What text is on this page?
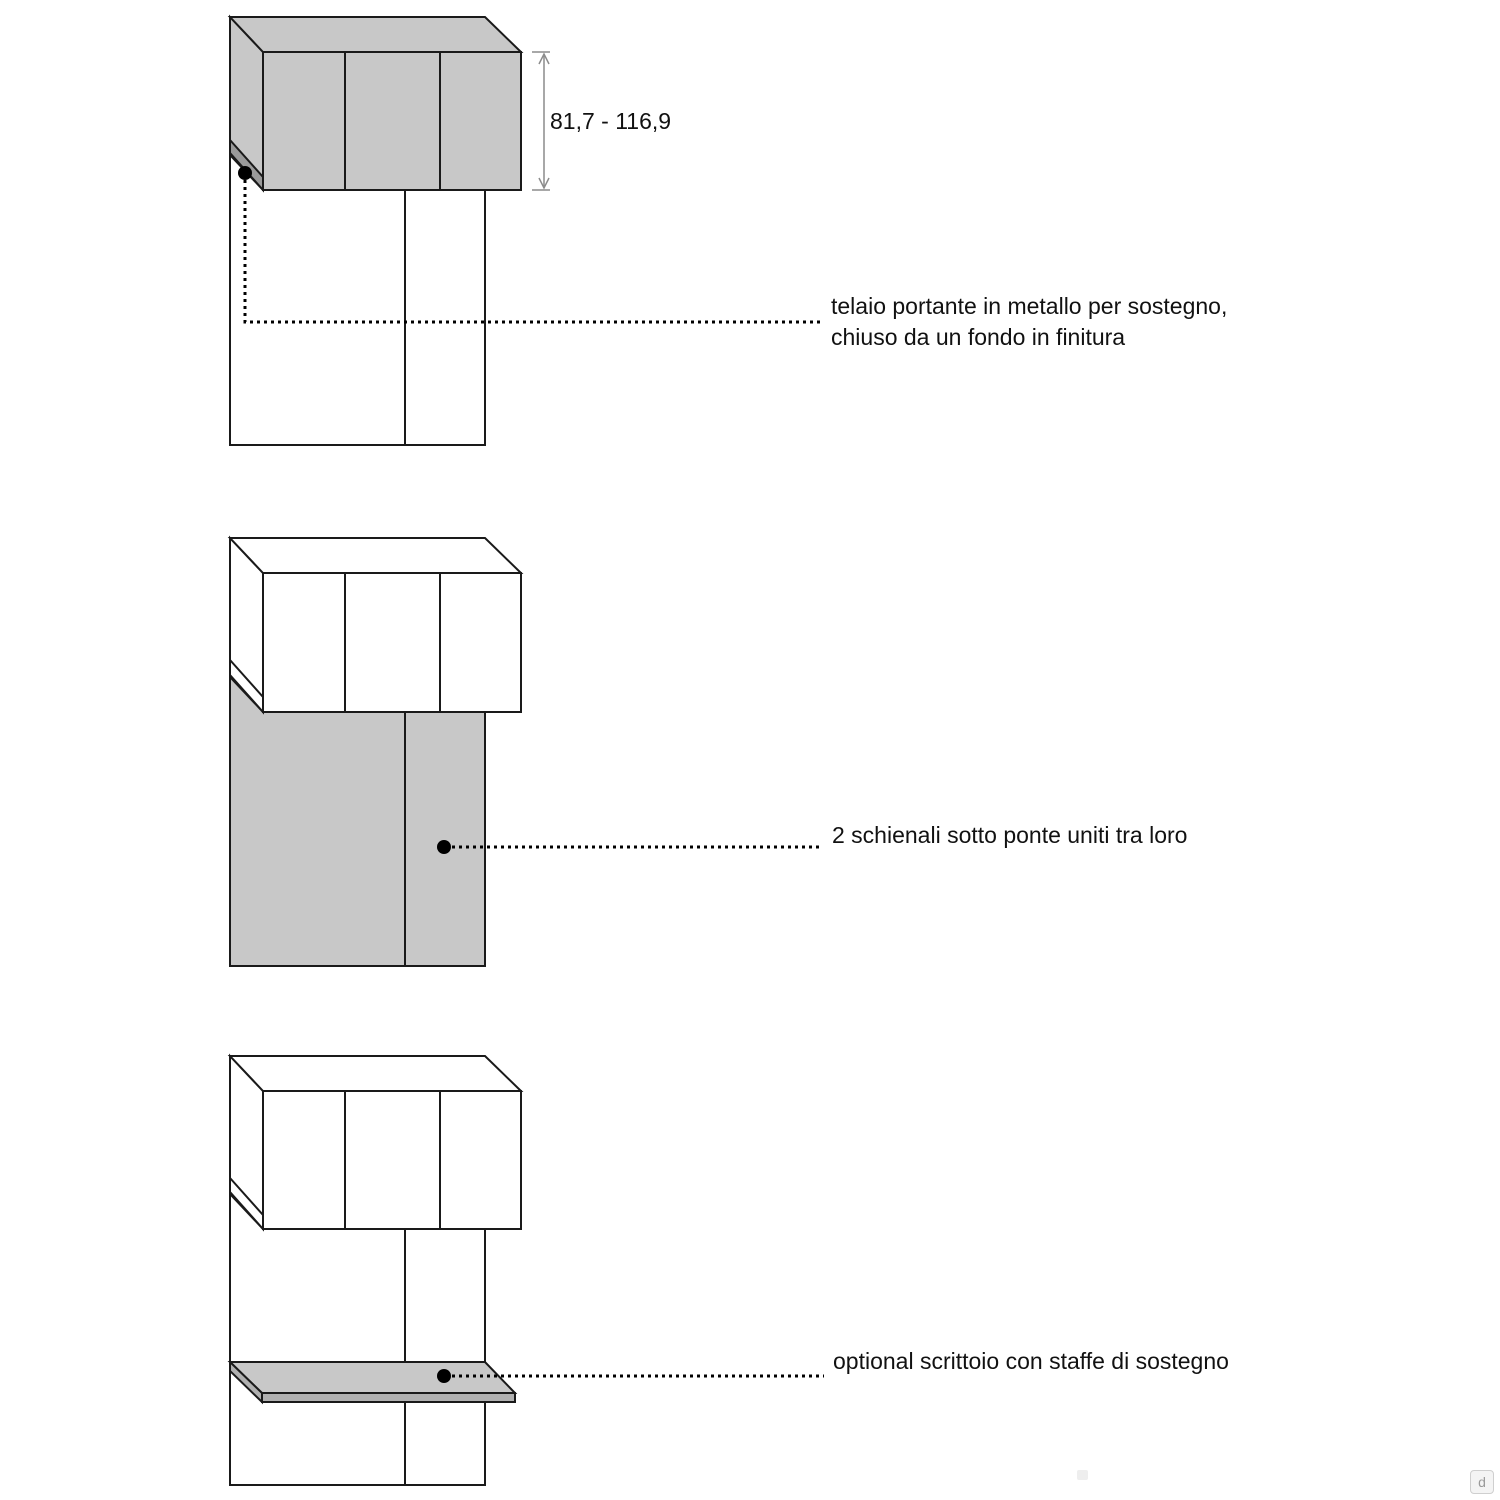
81,7 - 116,9
telaio portante in metallo per sostegno, chiuso da un fondo in finitura
2 schienali sotto ponte uniti tra loro
optional scrittoio con staffe di sostegno
d
